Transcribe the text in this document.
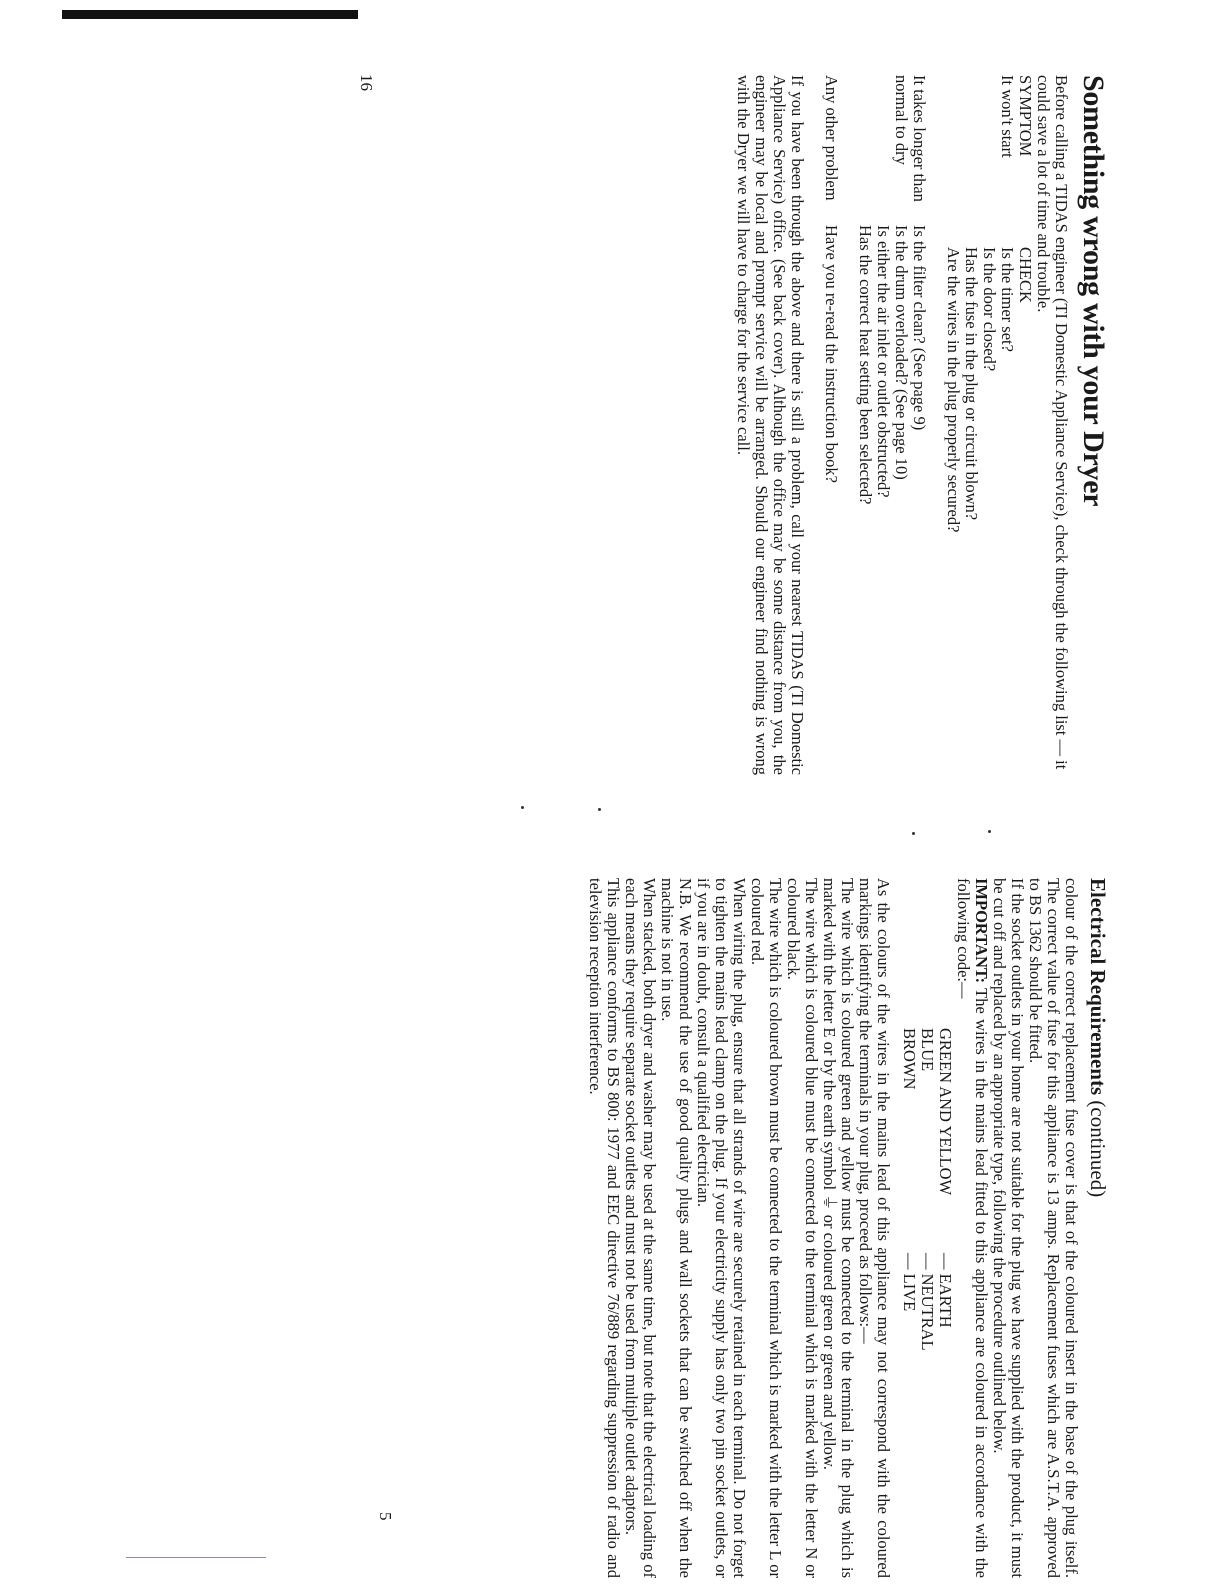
Something wrong with your Dryer

Before calling a TIDAS engineer (TI Domestic Appliance Service), check through the following list — it could save a lot of time and trouble.

SYMPTOM
CHECK
It won't start
Is the timer set?
Is the door closed?
Has the fuse in the plug or circuit blown?
Are the wires in the plug properly secured?
It takes longer than normal to dry
Is the filter clean? (See page 9)
Is the drum overloaded? (See page 10)
Is either the air inlet or outlet obstructed?
Has the correct heat setting been selected?
Any other problem
Have you re-read the instruction book?

If you have been through the above and there is still a problem, call your nearest TIDAS (TI Domestic Appliance Service) office. (See back cover). Although the office may be some distance from you, the engineer may be local and prompt service will be arranged. Should our engineer find nothing is wrong with the Dryer we will have to charge for the service call.

16
Electrical Requirements (continued)

colour of the correct replacement fuse cover is that of the coloured insert in the base of the plug itself. The correct value of fuse for this appliance is 13 amps. Replacement fuses which are A.S.T.A. approved to BS 1362 should be fitted.

If the socket outlets in your home are not suitable for the plug we have supplied with the product, it must be cut off and replaced by an appropriate type, following the procedure outlined below.

IMPORTANT: The wires in the mains lead fitted to this appliance are coloured in accordance with the following code:—

GREEN AND YELLOW
— EARTH
BLUE
— NEUTRAL
BROWN
— LIVE

As the colours of the wires in the mains lead of this appliance may not correspond with the coloured markings identifying the terminals in your plug, proceed as follows:—

The wire which is coloured green and yellow must be connected to the terminal in the plug which is marked with the letter E or by the earth symbol ⏚ or coloured green or green and yellow.

The wire which is coloured blue must be connected to the terminal which is marked with the letter N or coloured black.

The wire which is coloured brown must be connected to the terminal which is marked with the letter L or coloured red.

When wiring the plug, ensure that all strands of wire are securely retained in each terminal. Do not forget to tighten the mains lead clamp on the plug. If your electricity supply has only two pin socket outlets, or if you are in doubt, consult a qualified electrician.

N.B. We recommend the use of good quality plugs and wall sockets that can be switched off when the machine is not in use.

When stacked, both dryer and washer may be used at the same time, but note that the electrical loading of each means they require separate socket outlets and must not be used from multiple outlet adaptors.

This appliance conforms to BS 800: 1977 and EEC directive 76/889 regarding suppression of radio and television reception interference.

5
